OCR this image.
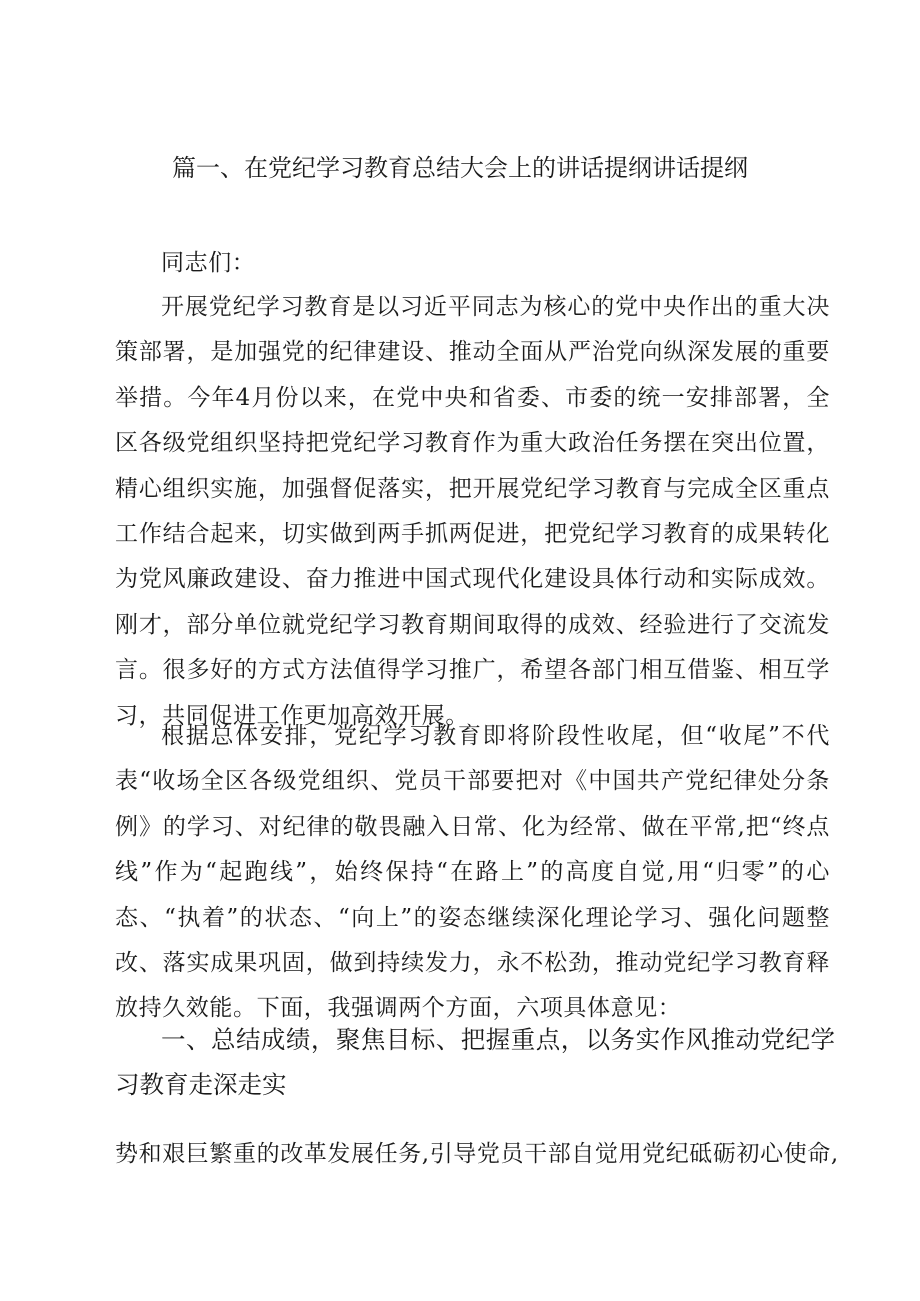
篇一、在党纪学习教育总结大会上的讲话提纲讲话提纲

同志们：

开展党纪学习教育是以习近平同志为核心的党中央作出的重大决策部署，是加强党的纪律建设、推动全面从严治党向纵深发展的重要举措。今年4月份以来，在党中央和省委、市委的统一安排部署，全区各级党组织坚持把党纪学习教育作为重大政治任务摆在突出位置，精心组织实施，加强督促落实，把开展党纪学习教育与完成全区重点工作结合起来，切实做到两手抓两促进，把党纪学习教育的成果转化为党风廉政建设、奋力推进中国式现代化建设具体行动和实际成效。刚才，部分单位就党纪学习教育期间取得的成效、经验进行了交流发言。很多好的方式方法值得学习推广，希望各部门相互借鉴、相互学习，共同促进工作更加高效开展。

根据总体安排，党纪学习教育即将阶段性收尾，但“收尾”不代表“收场全区各级党组织、党员干部要把对《中国共产党纪律处分条例》的学习、对纪律的敬畏融入日常、化为经常、做在平常,把“终点线”作为“起跑线”，始终保持“在路上”的高度自觉,用“归零”的心态、“执着”的状态、“向上”的姿态继续深化理论学习、强化问题整改、落实成果巩固，做到持续发力，永不松劲，推动党纪学习教育释放持久效能。下面，我强调两个方面，六项具体意见：

一、总结成绩，聚焦目标、把握重点，以务实作风推动党纪学习教育走深走实

势和艰巨繁重的改革发展任务,引导党员干部自觉用党纪砥砺初心使命,
